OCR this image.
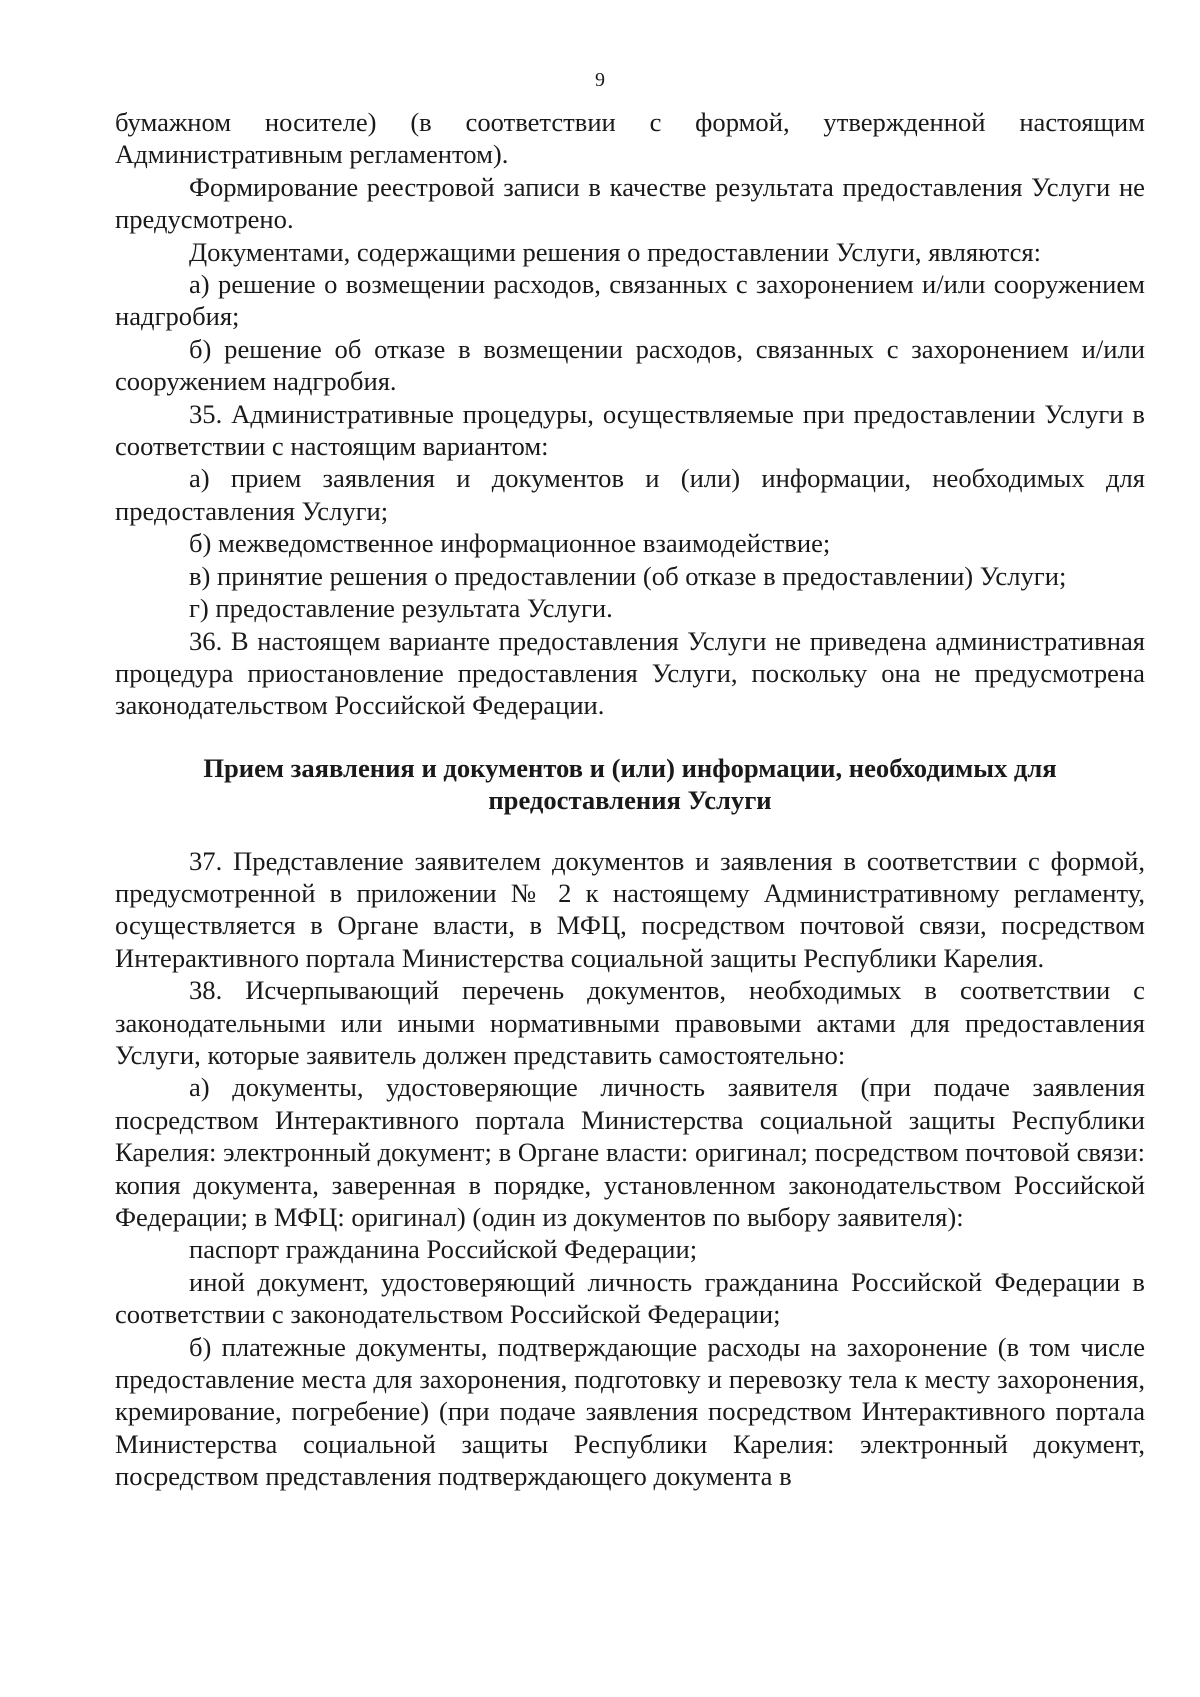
9

бумажном носителе) (в соответствии с формой, утвержденной настоящим Административным регламентом).

Формирование реестровой записи в качестве результата предоставления Услуги не предусмотрено.

Документами, содержащими решения о предоставлении Услуги, являются:

а) решение о возмещении расходов, связанных с захоронением и/или сооружением надгробия;

б) решение об отказе в возмещении расходов, связанных с захоронением и/или сооружением надгробия.

35. Административные процедуры, осуществляемые при предоставлении Услуги в соответствии с настоящим вариантом:

а) прием заявления и документов и (или) информации, необходимых для предоставления Услуги;

б) межведомственное информационное взаимодействие;

в) принятие решения о предоставлении (об отказе в предоставлении) Услуги;

г) предоставление результата Услуги.

36. В настоящем варианте предоставления Услуги не приведена административная процедура приостановление предоставления Услуги, поскольку она не предусмотрена законодательством Российской Федерации.

Прием заявления и документов и (или) информации, необходимых для предоставления Услуги

37. Представление заявителем документов и заявления в соответствии с формой, предусмотренной в приложении № 2 к настоящему Административному регламенту, осуществляется в Органе власти, в МФЦ, посредством почтовой связи, посредством Интерактивного портала Министерства социальной защиты Республики Карелия.

38. Исчерпывающий перечень документов, необходимых в соответствии с законодательными или иными нормативными правовыми актами для предоставления Услуги, которые заявитель должен представить самостоятельно:

а) документы, удостоверяющие личность заявителя (при подаче заявления посредством Интерактивного портала Министерства социальной защиты Республики Карелия: электронный документ; в Органе власти: оригинал; посредством почтовой связи: копия документа, заверенная в порядке, установленном законодательством Российской Федерации; в МФЦ: оригинал) (один из документов по выбору заявителя):

паспорт гражданина Российской Федерации;

иной документ, удостоверяющий личность гражданина Российской Федерации в соответствии с законодательством Российской Федерации;

б) платежные документы, подтверждающие расходы на захоронение (в том числе предоставление места для захоронения, подготовку и перевозку тела к месту захоронения, кремирование, погребение) (при подаче заявления посредством Интерактивного портала Министерства социальной защиты Республики Карелия: электронный документ, посредством представления подтверждающего документа в
